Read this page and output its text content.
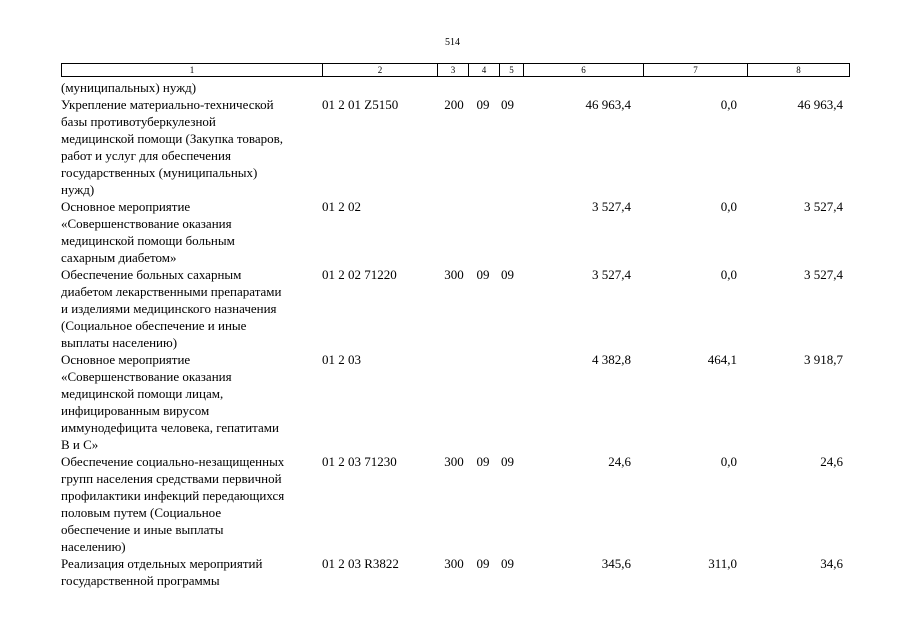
514
1	2	3	4	5	6	7	8
(муниципальных) нужд)
Укрепление материально-технической
базы противотуберкулезной
медицинской помощи (Закупка товаров,
работ и услуг для обеспечения
государственных (муниципальных)
нужд)
01 2 01 Z5150	200 09 09	46 963,4	0,0	46 963,4
Основное мероприятие
«Совершенствование оказания
медицинской помощи больным
сахарным диабетом»
01 2 02	3 527,4	0,0	3 527,4
Обеспечение больных сахарным
диабетом лекарственными препаратами
и изделиями медицинского назначения
(Социальное обеспечение и иные
выплаты населению)
01 2 02 71220	300 09 09	3 527,4	0,0	3 527,4
Основное мероприятие
«Совершенствование оказания
медицинской помощи лицам,
инфицированным вирусом
иммунодефицита человека, гепатитами
В и С»
01 2 03	4 382,8	464,1	3 918,7
Обеспечение социально-незащищенных
групп населения средствами первичной
профилактики инфекций передающихся
половым путем (Социальное
обеспечение и иные выплаты
населению)
01 2 03 71230	300 09 09	24,6	0,0	24,6
Реализация отдельных мероприятий
государственной программы
01 2 03 R3822	300 09 09	345,6	311,0	34,6
